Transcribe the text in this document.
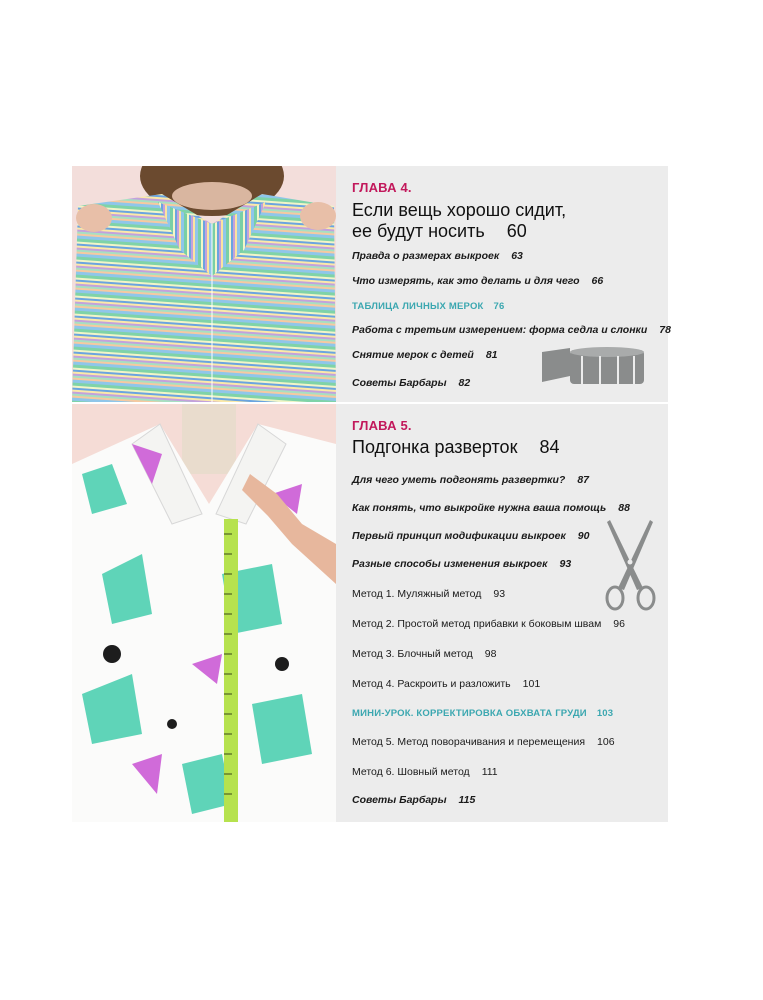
ГЛАВА 4.
Если вещь хорошо сидит,
ее будут носить 60
Правда о размерах выкроек 63
Что измерять, как это делать и для чего 66
ТАБЛИЦА ЛИЧНЫХ МЕРОК 76
Работа с третьим измерением: форма седла и слонки 78
Снятие мерок с детей 81
Советы Барбары 82
ГЛАВА 5.
Подгонка разверток 84
Для чего уметь подгонять развертки? 87
Как понять, что выкройке нужна ваша помощь 88
Первый принцип модификации выкроек 90
Разные способы изменения выкроек 93
Метод 1. Муляжный метод 93
Метод 2. Простой метод прибавки к боковым швам 96
Метод 3. Блочный метод 98
Метод 4. Раскроить и разложить 101
МИНИ-УРОК. КОРРЕКТИРОВКА ОБХВАТА ГРУДИ 103
Метод 5. Метод поворачивания и перемещения 106
Метод 6. Шовный метод 111
Советы Барбары 115
